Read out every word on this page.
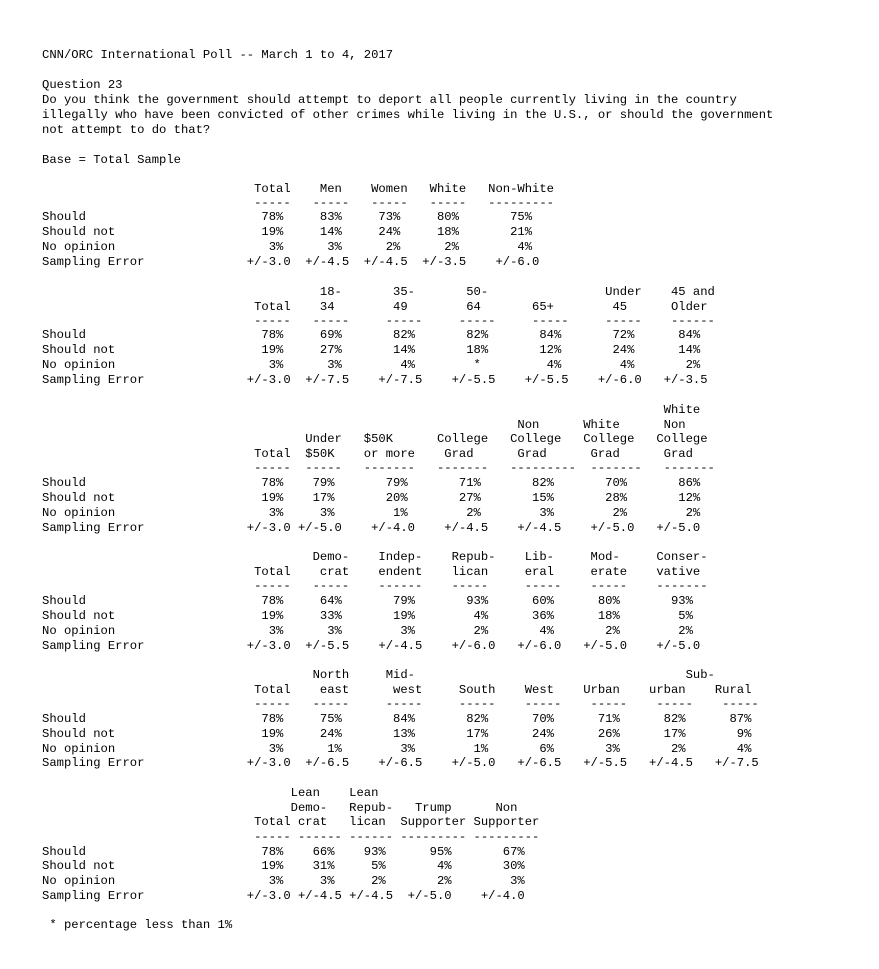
CNN/ORC International Poll -- March 1 to 4, 2017
Question 23
Do you think the government should attempt to deport all people currently living in the country
illegally who have been convicted of other crimes while living in the U.S., or should the government
not attempt to do that?
Base = Total Sample
Total    Men    Women   White   Non-White
-----   -----   -----   -----   ---------
Should                        78%     83%     73%     80%       75%
Should not                    19%     14%     24%     18%       21%
No opinion                     3%      3%      2%      2%        4%
Sampling Error              +/-3.0  +/-4.5  +/-4.5  +/-3.5    +/-6.0
18-       35-       50-                Under    45 and
Total    34        49        64       65+        45      Older
-----   -----     -----     -----     -----     -----    ------
Should                        78%     69%       82%       82%       84%       72%      84%
Should not                    19%     27%       14%       18%       12%       24%      14%
No opinion                     3%      3%        4%        *         4%        4%       2%
Sampling Error              +/-3.0  +/-7.5    +/-7.5    +/-5.5    +/-5.5    +/-6.0   +/-3.5
White
Non      White      Non
Under   $50K      College   College   College   College
Total  $50K    or more    Grad      Grad      Grad      Grad
-----  -----   -------   -------   ---------  -------   -------
Should                        78%    79%       79%       71%       82%       70%       86%
Should not                    19%    17%       20%       27%       15%       28%       12%
No opinion                     3%     3%        1%        2%        3%        2%        2%
Sampling Error              +/-3.0 +/-5.0    +/-4.0    +/-4.5    +/-4.5    +/-5.0   +/-5.0
Demo-    Indep-    Repub-    Lib-     Mod-     Conser-
Total    crat    endent    lican     eral     erate    vative
-----   -----    ------    -----     -----    -----    -------
Should                        78%     64%       79%       93%      60%      80%       93%
Should not                    19%     33%       19%        4%      36%      18%        5%
No opinion                     3%      3%        3%        2%       4%       2%        2%
Sampling Error              +/-3.0  +/-5.5    +/-4.5    +/-6.0   +/-6.0   +/-5.0    +/-5.0
North     Mid-                                     Sub-
Total    east      west     South    West    Urban    urban    Rural
-----   -----     -----     -----    -----    -----    -----    -----
Should                        78%     75%       84%       82%      70%      71%      82%      87%
Should not                    19%     24%       13%       17%      24%      26%      17%       9%
No opinion                     3%      1%        3%        1%       6%       3%       2%       4%
Sampling Error              +/-3.0  +/-6.5    +/-6.5    +/-5.0   +/-6.5   +/-5.5   +/-4.5   +/-7.5
Lean    Lean
Demo-   Repub-   Trump      Non
Total crat   lican  Supporter Supporter
----- ------ ------ --------- ---------
Should                        78%    66%    93%      95%       67%
Should not                    19%    31%     5%       4%       30%
No opinion                     3%     3%     2%       2%        3%
Sampling Error              +/-3.0 +/-4.5 +/-4.5  +/-5.0    +/-4.0
* percentage less than 1%
